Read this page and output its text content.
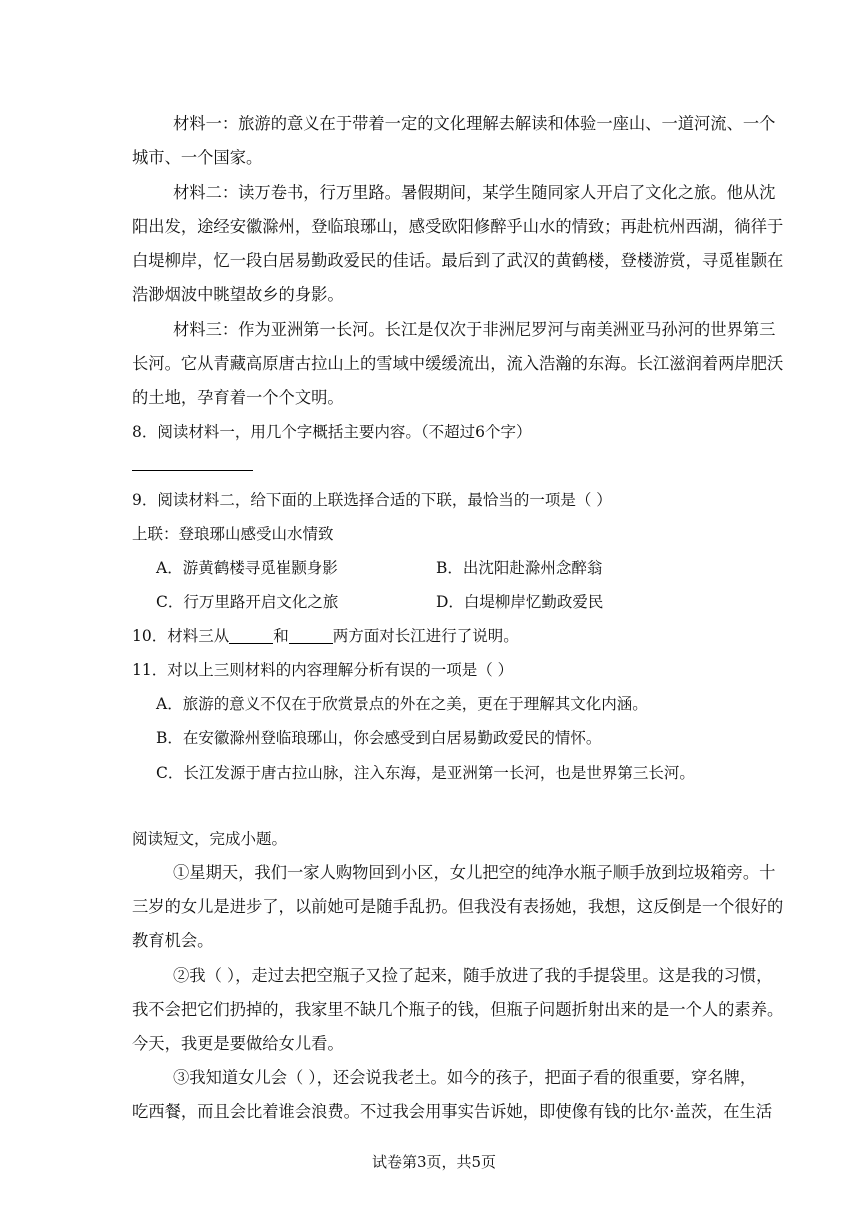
材料一：旅游的意义在于带着一定的文化理解去解读和体验一座山、一道河流、一个
城市、一个国家。
材料二：读万卷书，行万里路。暑假期间，某学生随同家人开启了文化之旅。他从沈
阳出发，途经安徽滁州，登临琅琊山，感受欧阳修醉乎山水的情致；再赴杭州西湖，徜徉于
白堤柳岸，忆一段白居易勤政爱民的佳话。最后到了武汉的黄鹤楼，登楼游赏，寻觅崔颢在
浩渺烟波中眺望故乡的身影。
材料三：作为亚洲第一长河。长江是仅次于非洲尼罗河与南美洲亚马孙河的世界第三
长河。它从青藏高原唐古拉山上的雪域中缓缓流出，流入浩瀚的东海。长江滋润着两岸肥沃
的土地，孕育着一个个文明。
8．阅读材料一，用几个字概括主要内容。（不超过6个字）
9．阅读材料二，给下面的上联选择合适的下联，最恰当的一项是（ ）
上联：登琅琊山感受山水情致
A．游黄鹤楼寻觅崔颢身影	B．出沈阳赴滁州念醉翁
C．行万里路开启文化之旅	D．白堤柳岸忆勤政爱民
10．材料三从	和	两方面对长江进行了说明。
11．对以上三则材料的内容理解分析有误的一项是（ ）
A．旅游的意义不仅在于欣赏景点的外在之美，更在于理解其文化内涵。
B．在安徽滁州登临琅琊山，你会感受到白居易勤政爱民的情怀。
C．长江发源于唐古拉山脉，注入东海，是亚洲第一长河，也是世界第三长河。
阅读短文，完成小题。
①星期天，我们一家人购物回到小区，女儿把空的纯净水瓶子顺手放到垃圾箱旁。十
三岁的女儿是进步了，以前她可是随手乱扔。但我没有表扬她，我想，这反倒是一个很好的
教育机会。
②我（ ），走过去把空瓶子又捡了起来，随手放进了我的手提袋里。这是我的习惯，
我不会把它们扔掉的，我家里不缺几个瓶子的钱，但瓶子问题折射出来的是一个人的素养。
今天，我更是要做给女儿看。
③我知道女儿会（ ），还会说我老土。如今的孩子，把面子看的很重要，穿名牌，
吃西餐，而且会比着谁会浪费。不过我会用事实告诉她，即使像有钱的比尔·盖茨，在生活
试卷第3页，共5页
